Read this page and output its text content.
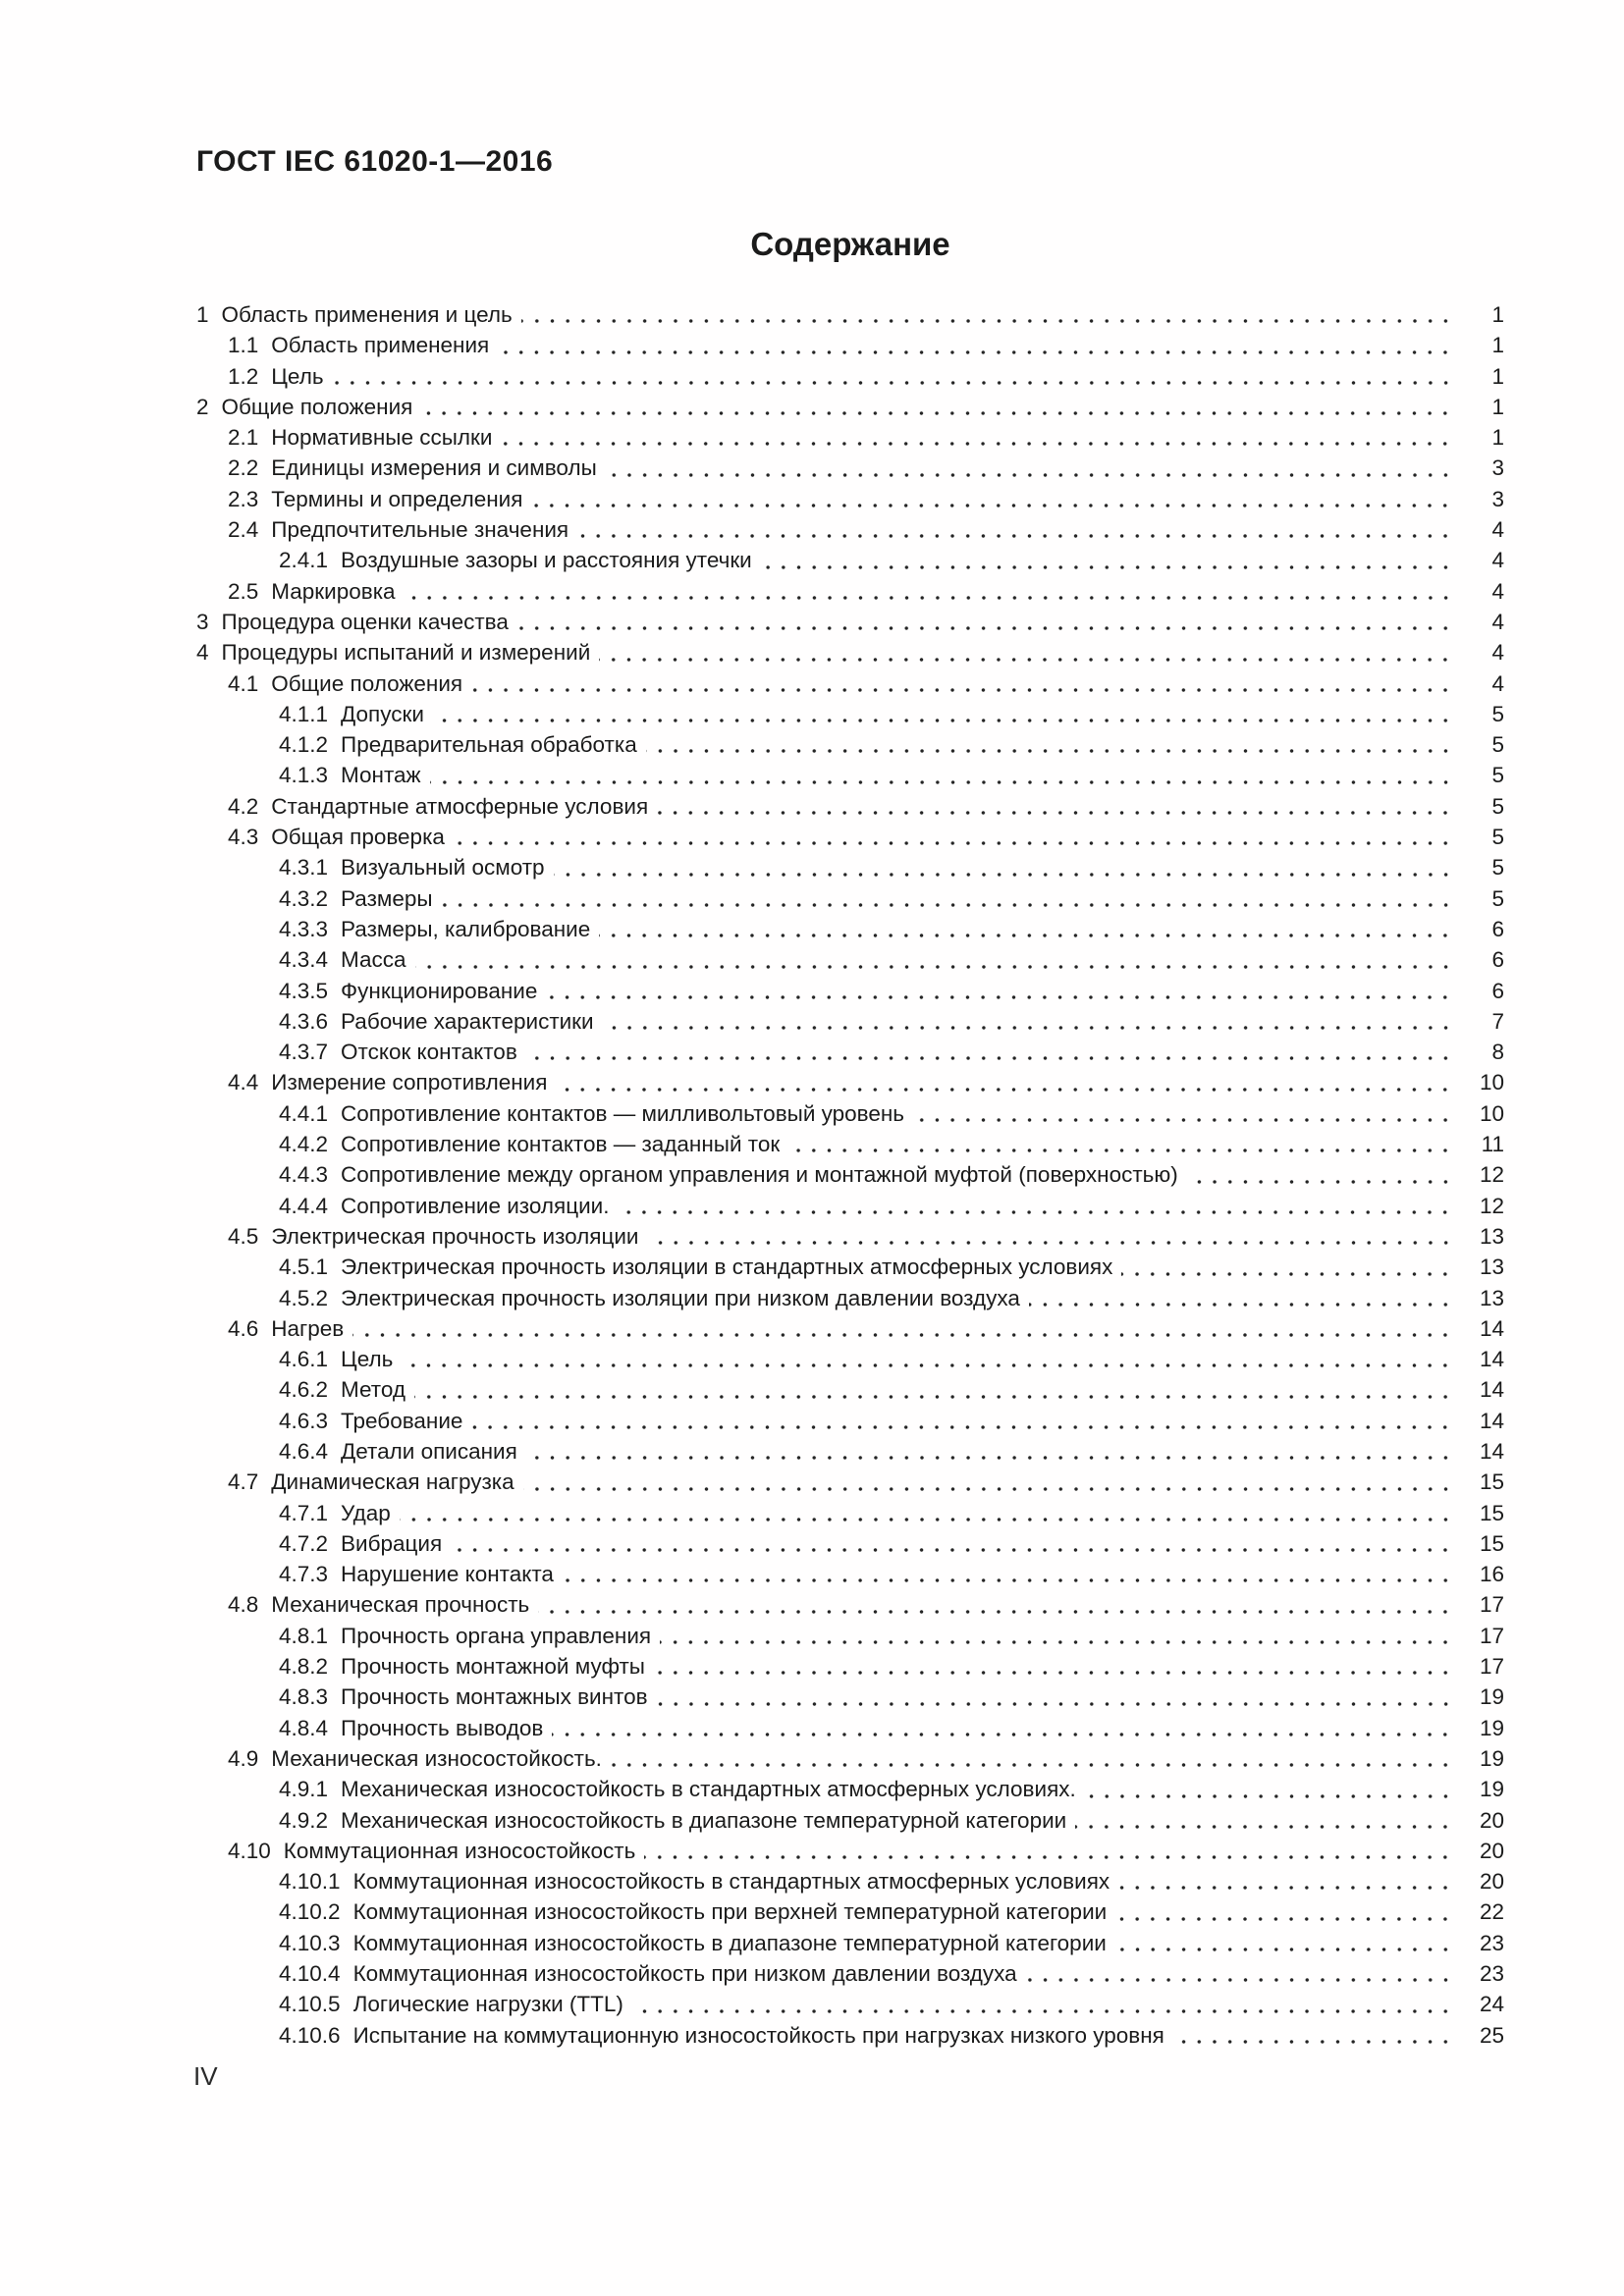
ГОСТ IEC 61020-1—2016
Содержание
1 Область применения и цель	1
1.1 Область применения	1
1.2 Цель	1
2 Общие положения	1
2.1 Нормативные ссылки	1
2.2 Единицы измерения и символы	3
2.3 Термины и определения	3
2.4 Предпочтительные значения	4
2.4.1 Воздушные зазоры и расстояния утечки	4
2.5 Маркировка	4
3 Процедура оценки качества	4
4 Процедуры испытаний и измерений	4
4.1 Общие положения	4
4.1.1 Допуски	5
4.1.2 Предварительная обработка	5
4.1.3 Монтаж	5
4.2 Стандартные атмосферные условия	5
4.3 Общая проверка	5
4.3.1 Визуальный осмотр	5
4.3.2 Размеры	5
4.3.3 Размеры, калибрование	6
4.3.4 Масса	6
4.3.5 Функционирование	6
4.3.6 Рабочие характеристики	7
4.3.7 Отскок контактов	8
4.4 Измерение сопротивления	10
4.4.1 Сопротивление контактов — милливольтовый уровень	10
4.4.2 Сопротивление контактов — заданный ток	11
4.4.3 Сопротивление между органом управления и монтажной муфтой (поверхностью)	12
4.4.4 Сопротивление изоляции.	12
4.5 Электрическая прочность изоляции	13
4.5.1 Электрическая прочность изоляции в стандартных атмосферных условиях	13
4.5.2 Электрическая прочность изоляции при низком давлении воздуха	13
4.6 Нагрев	14
4.6.1 Цель	14
4.6.2 Метод	14
4.6.3 Требование	14
4.6.4 Детали описания	14
4.7 Динамическая нагрузка	15
4.7.1 Удар	15
4.7.2 Вибрация	15
4.7.3 Нарушение контакта	16
4.8 Механическая прочность	17
4.8.1 Прочность органа управления	17
4.8.2 Прочность монтажной муфты	17
4.8.3 Прочность монтажных винтов	19
4.8.4 Прочность выводов	19
4.9 Механическая износостойкость.	19
4.9.1 Механическая износостойкость в стандартных атмосферных условиях.	19
4.9.2 Механическая износостойкость в диапазоне температурной категории	20
4.10 Коммутационная износостойкость	20
4.10.1 Коммутационная износостойкость в стандартных атмосферных условиях	20
4.10.2 Коммутационная износостойкость при верхней температурной категории	22
4.10.3 Коммутационная износостойкость в диапазоне температурной категории	23
4.10.4 Коммутационная износостойкость при низком давлении воздуха	23
4.10.5 Логические нагрузки (TTL)	24
4.10.6 Испытание на коммутационную износостойкость при нагрузках низкого уровня	25
IV
